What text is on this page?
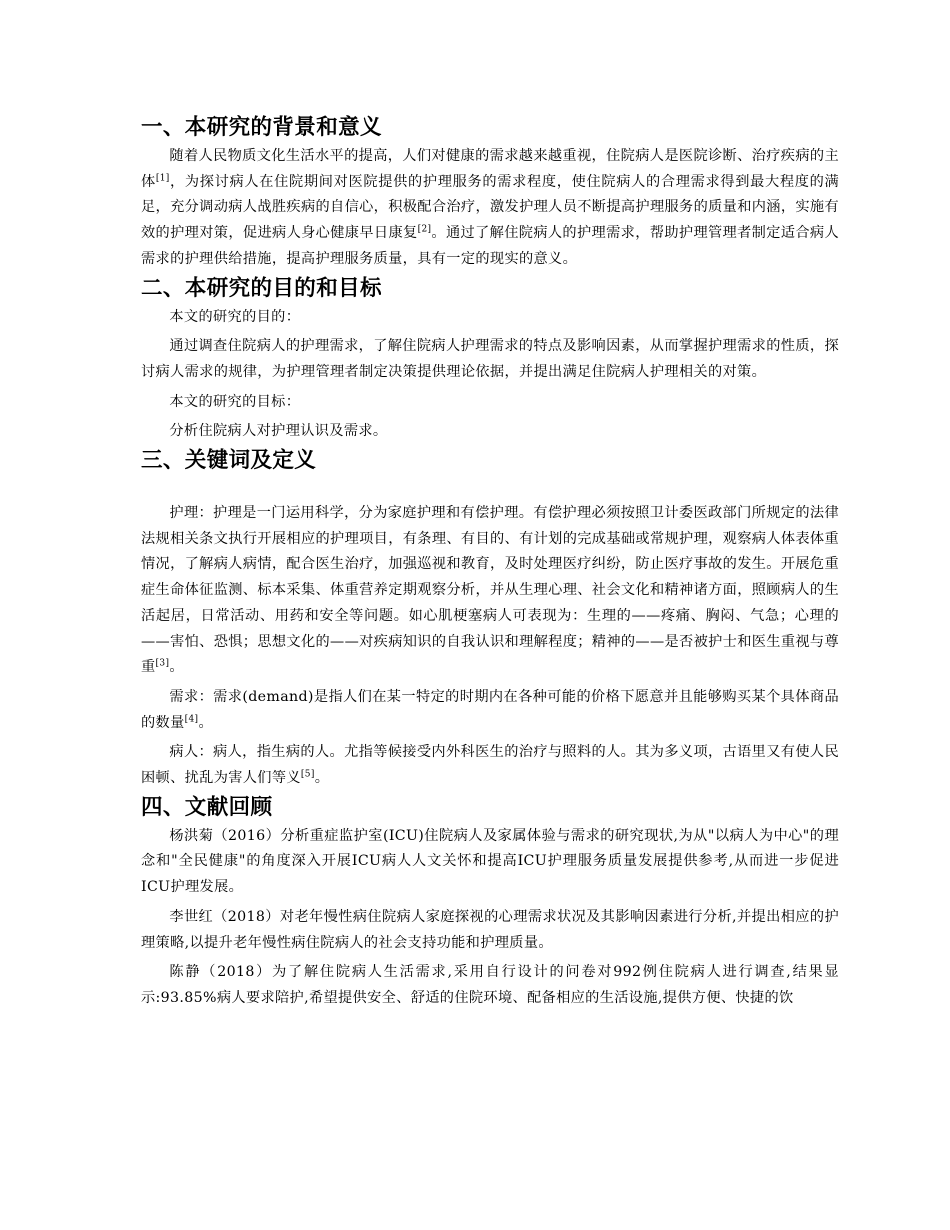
一、本研究的背景和意义

随着人民物质文化生活水平的提高，人们对健康的需求越来越重视，住院病人是医院诊断、治疗疾病的主体[1]，为探讨病人在住院期间对医院提供的护理服务的需求程度，使住院病人的合理需求得到最大程度的满足，充分调动病人战胜疾病的自信心，积极配合治疗，激发护理人员不断提高护理服务的质量和内涵，实施有效的护理对策，促进病人身心健康早日康复[2]。通过了解住院病人的护理需求，帮助护理管理者制定适合病人需求的护理供给措施，提高护理服务质量，具有一定的现实的意义。

二、本研究的目的和目标

本文的研究的目的：

通过调查住院病人的护理需求，了解住院病人护理需求的特点及影响因素，从而掌握护理需求的性质，探讨病人需求的规律，为护理管理者制定决策提供理论依据，并提出满足住院病人护理相关的对策。

本文的研究的目标：

分析住院病人对护理认识及需求。

三、关键词及定义

护理：护理是一门运用科学，分为家庭护理和有偿护理。有偿护理必须按照卫计委医政部门所规定的法律法规相关条文执行开展相应的护理项目，有条理、有目的、有计划的完成基础或常规护理，观察病人体表体重情况，了解病人病情，配合医生治疗，加强巡视和教育，及时处理医疗纠纷，防止医疗事故的发生。开展危重症生命体征监测、标本采集、体重营养定期观察分析，并从生理心理、社会文化和精神诸方面，照顾病人的生活起居，日常活动、用药和安全等问题。如心肌梗塞病人可表现为：生理的——疼痛、胸闷、气急；心理的——害怕、恐惧；思想文化的——对疾病知识的自我认识和理解程度；精神的——是否被护士和医生重视与尊重[3]。

需求：需求(demand)是指人们在某一特定的时期内在各种可能的价格下愿意并且能够购买某个具体商品的数量[4]。

病人：病人，指生病的人。尤指等候接受内外科医生的治疗与照料的人。其为多义项，古语里又有使人民困顿、扰乱为害人们等义[5]。

四、文献回顾

杨洪菊（2016）分析重症监护室(ICU)住院病人及家属体验与需求的研究现状,为从"以病人为中心"的理念和"全民健康"的角度深入开展ICU病人人文关怀和提高ICU护理服务质量发展提供参考,从而进一步促进ICU护理发展。

李世红（2018）对老年慢性病住院病人家庭探视的心理需求状况及其影响因素进行分析,并提出相应的护理策略,以提升老年慢性病住院病人的社会支持功能和护理质量。

陈静（2018）为了解住院病人生活需求,采用自行设计的问卷对992例住院病人进行调查,结果显示:93.85%病人要求陪护,希望提供安全、舒适的住院环境、配备相应的生活设施,提供方便、快捷的饮
